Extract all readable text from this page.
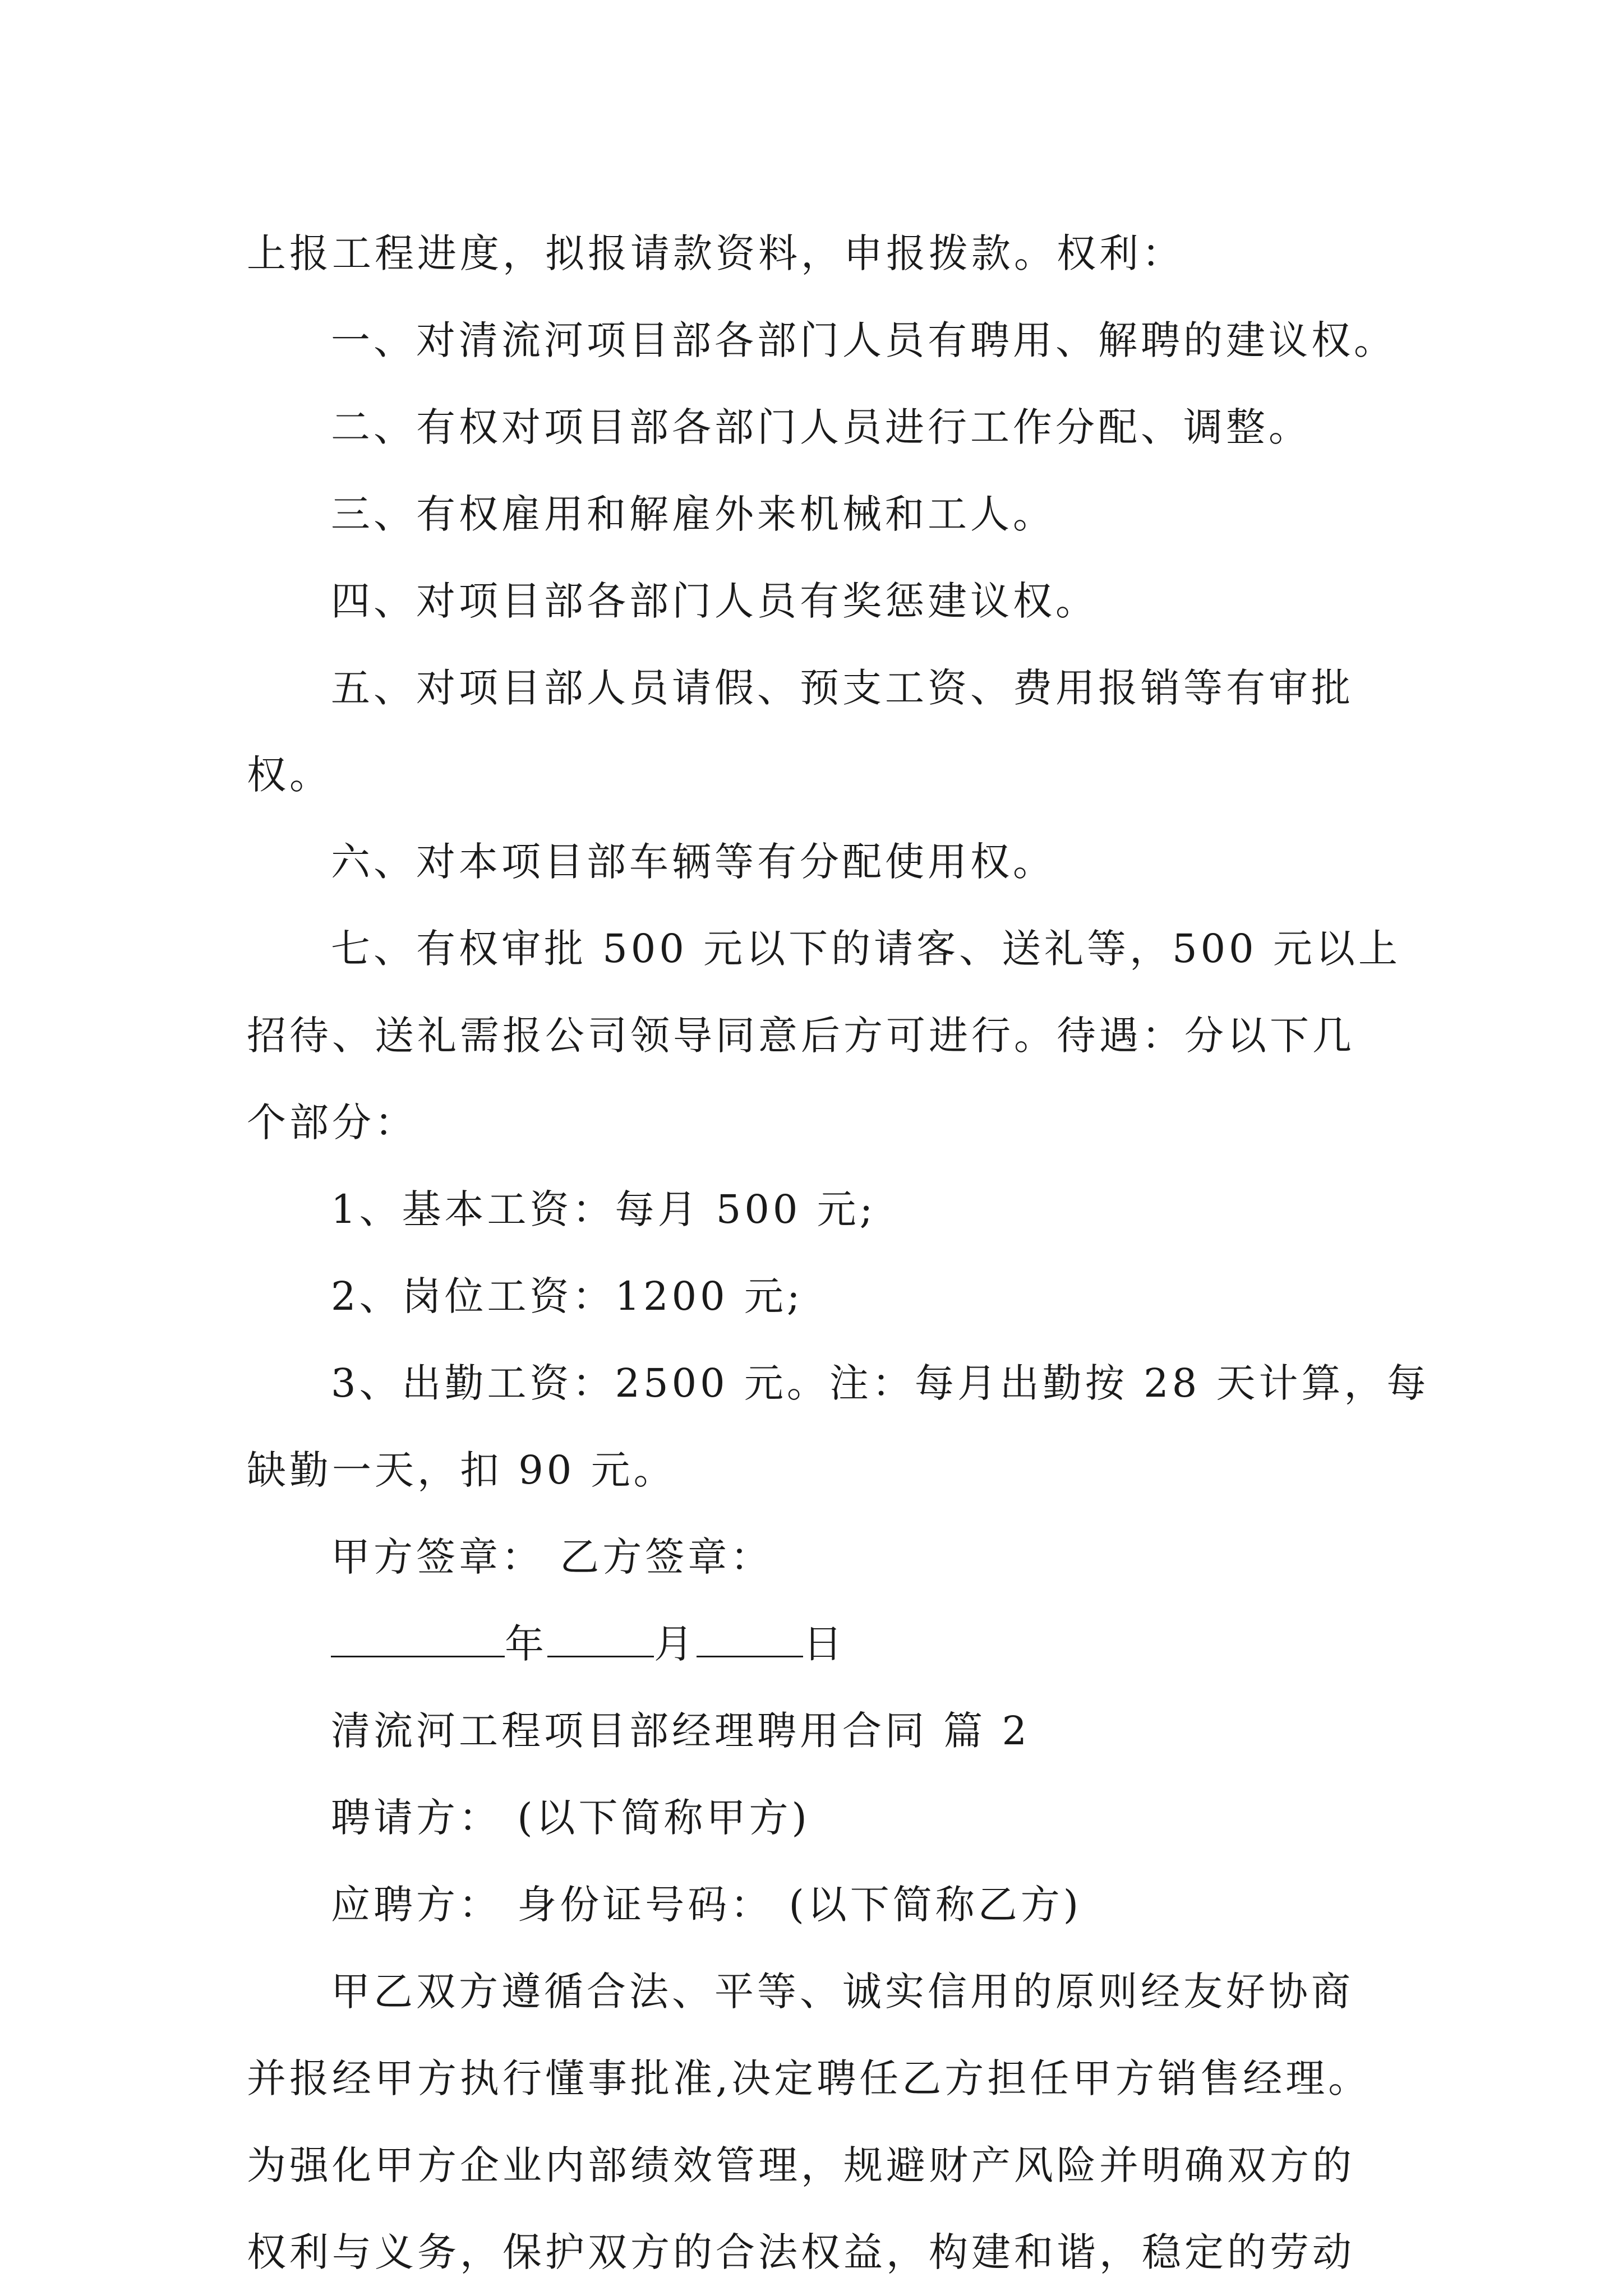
上报工程进度，拟报请款资料，申报拨款。权利：
一、对清流河项目部各部门人员有聘用、解聘的建议权。
二、有权对项目部各部门人员进行工作分配、调整。
三、有权雇用和解雇外来机械和工人。
四、对项目部各部门人员有奖惩建议权。
五、对项目部人员请假、预支工资、费用报销等有审批
权。
六、对本项目部车辆等有分配使用权。
七、有权审批 500 元以下的请客、送礼等，500 元以上
招待、送礼需报公司领导同意后方可进行。待遇：分以下几
个部分：
1、基本工资：每月 500 元;
2、岗位工资：1200 元;
3、出勤工资：2500 元。注：每月出勤按 28 天计算，每
缺勤一天，扣 90 元。
甲方签章： 乙方签章：
年	月	日
清流河工程项目部经理聘用合同 篇 2
聘请方： (以下简称甲方)
应聘方： 身份证号码： (以下简称乙方)
甲乙双方遵循合法、平等、诚实信用的原则经友好协商
并报经甲方执行懂事批准,决定聘任乙方担任甲方销售经理。
为强化甲方企业内部绩效管理，规避财产风险并明确双方的
权利与义务，保护双方的合法权益，构建和谐，稳定的劳动
